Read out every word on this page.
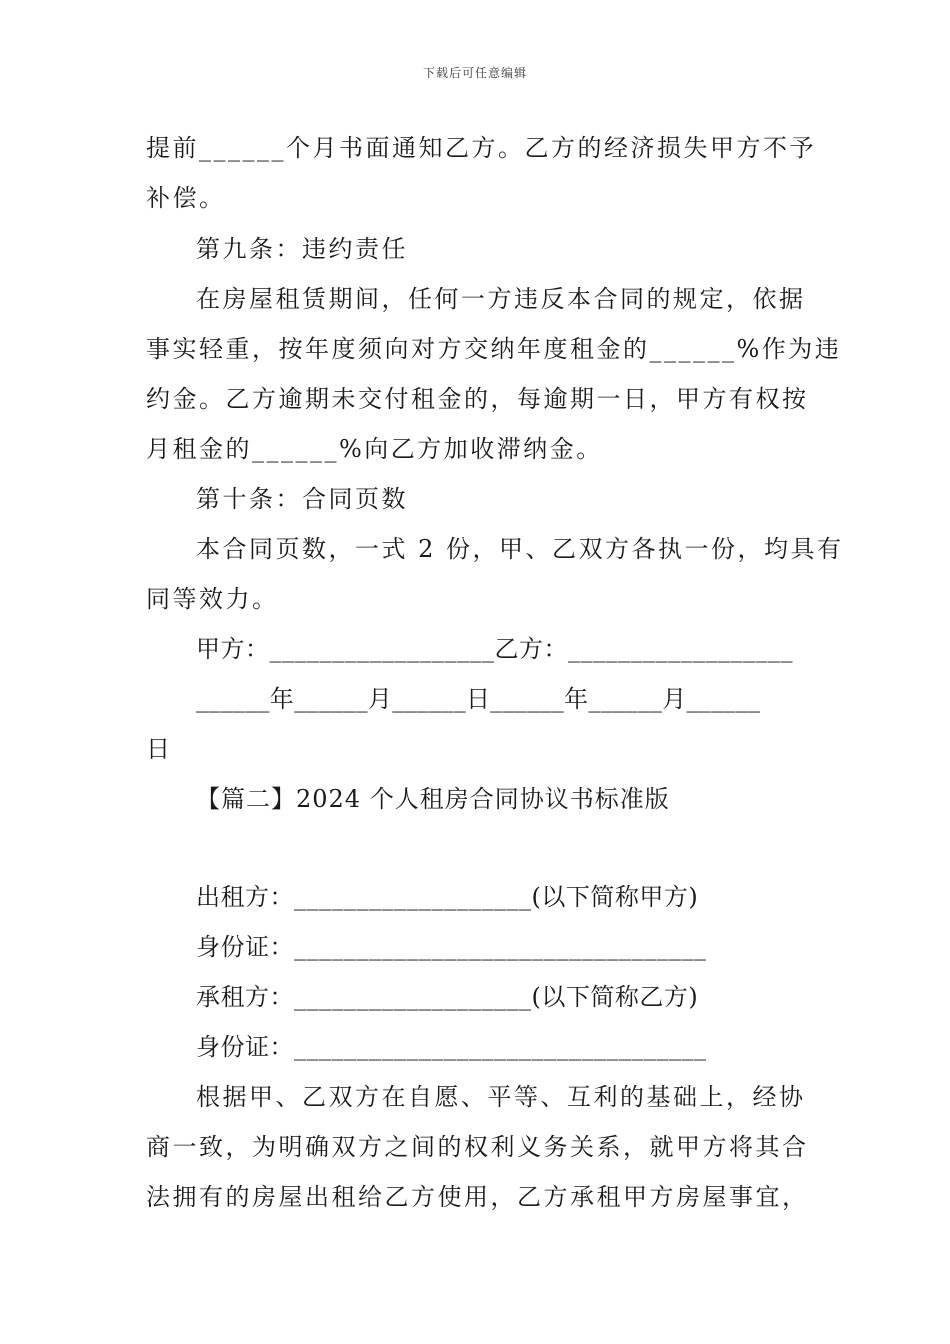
下载后可任意编辑
提前______个月书面通知乙方。乙方的经济损失甲方不予
补偿。
第九条：违约责任
在房屋租赁期间，任何一方违反本合同的规定，依据
事实轻重，按年度须向对方交纳年度租金的______%作为违
约金。乙方逾期未交付租金的，每逾期一日，甲方有权按
月租金的______%向乙方加收滞纳金。
第十条：合同页数
本合同页数，一式 2 份，甲、乙双方各执一份，均具有
同等效力。
甲方：__________________乙方：__________________
______年______月______日______年______月______
日
【篇二】2024 个人租房合同协议书标准版
出租方：___________________(以下简称甲方)
身份证：_________________________________
承租方：___________________(以下简称乙方)
身份证：_________________________________
根据甲、乙双方在自愿、平等、互利的基础上，经协
商一致，为明确双方之间的权利义务关系，就甲方将其合
法拥有的房屋出租给乙方使用，乙方承租甲方房屋事宜，
